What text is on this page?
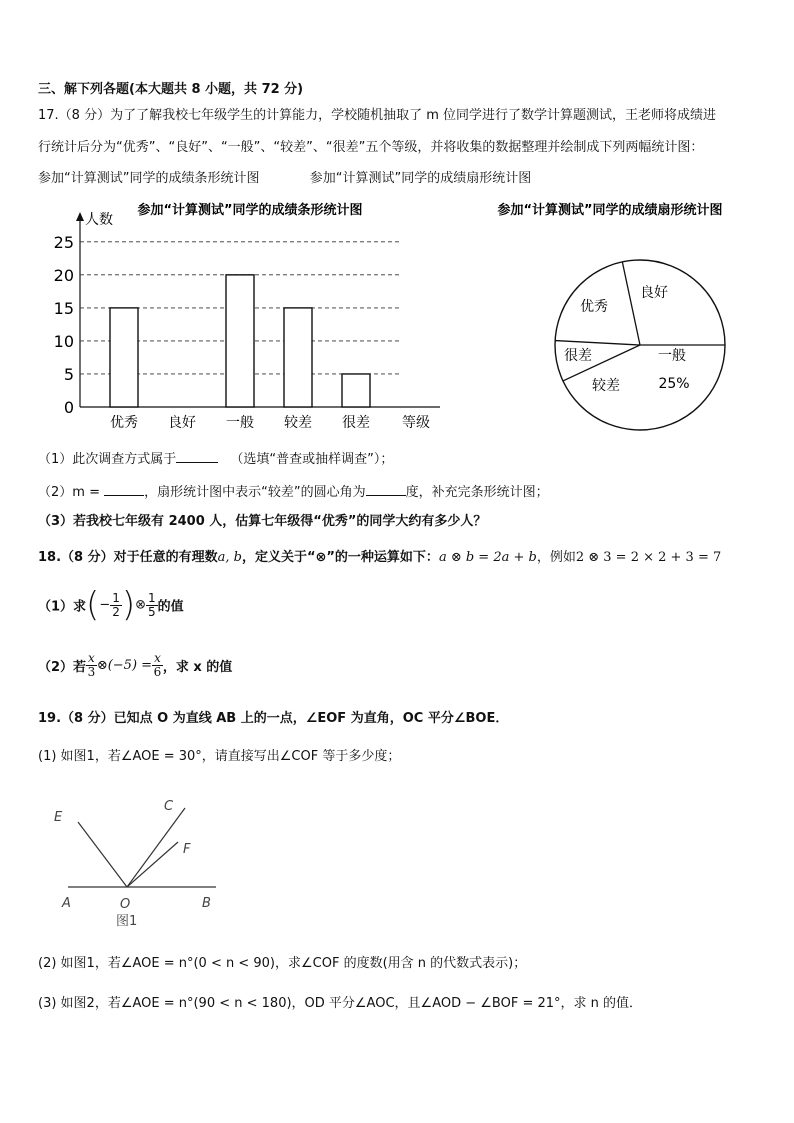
三、解下列各题(本大题共 8 小题，共 72 分)
17.（8 分）为了了解我校七年级学生的计算能力，学校随机抽取了 m 位同学进行了数学计算题测试，王老师将成绩进
行统计后分为“优秀”、“良好”、“一般”、“较差”、“很差”五个等级，并将收集的数据整理并绘制成下列两幅统计图：
参加“计算测试”同学的成绩条形统计图	参加“计算测试”同学的成绩扇形统计图
参加“计算测试”同学的成绩条形统计图
人数
0
5
10
15
20
25
优秀 良好 一般 较差 很差 等级
参加“计算测试”同学的成绩扇形统计图
良好
一般
较差
很差
优秀
25%
（1）此次调查方式属于	（选填“普查或抽样调查”）；
（2）m =	，扇形统计图中表示“较差”的圆心角为	度，补充完条形统计图；
（3）若我校七年级有 2400 人，估算七年级得“优秀”的同学大约有多少人？
18.（8 分）对于任意的有理数a, b，定义关于“⊗”的一种运算如下：a ⊗ b = 2a + b，例如2 ⊗ 3 = 2 × 2 + 3 = 7
（1）求(− $\frac{1}{2}$ )⊗ $\frac{1}{5}$ 的值
（2）若 $\frac{x}{3}$ ⊗(−5) = $\frac{x}{6}$ ，求 x 的值
19.（8 分）已知点 O 为直线 AB 上的一点，∠EOF 为直角，OC 平分∠BOE．
(1) 如图1，若∠AOE = 30°，请直接写出∠COF 等于多少度；
E
C
F
A	O	B
图1
(2) 如图1，若∠AOE = n°(0 < n < 90)，求∠COF 的度数(用含 n 的代数式表示)；
(3) 如图2，若∠AOE = n°(90 < n < 180)，OD 平分∠AOC，且∠AOD − ∠BOF = 21°，求 n 的值．
